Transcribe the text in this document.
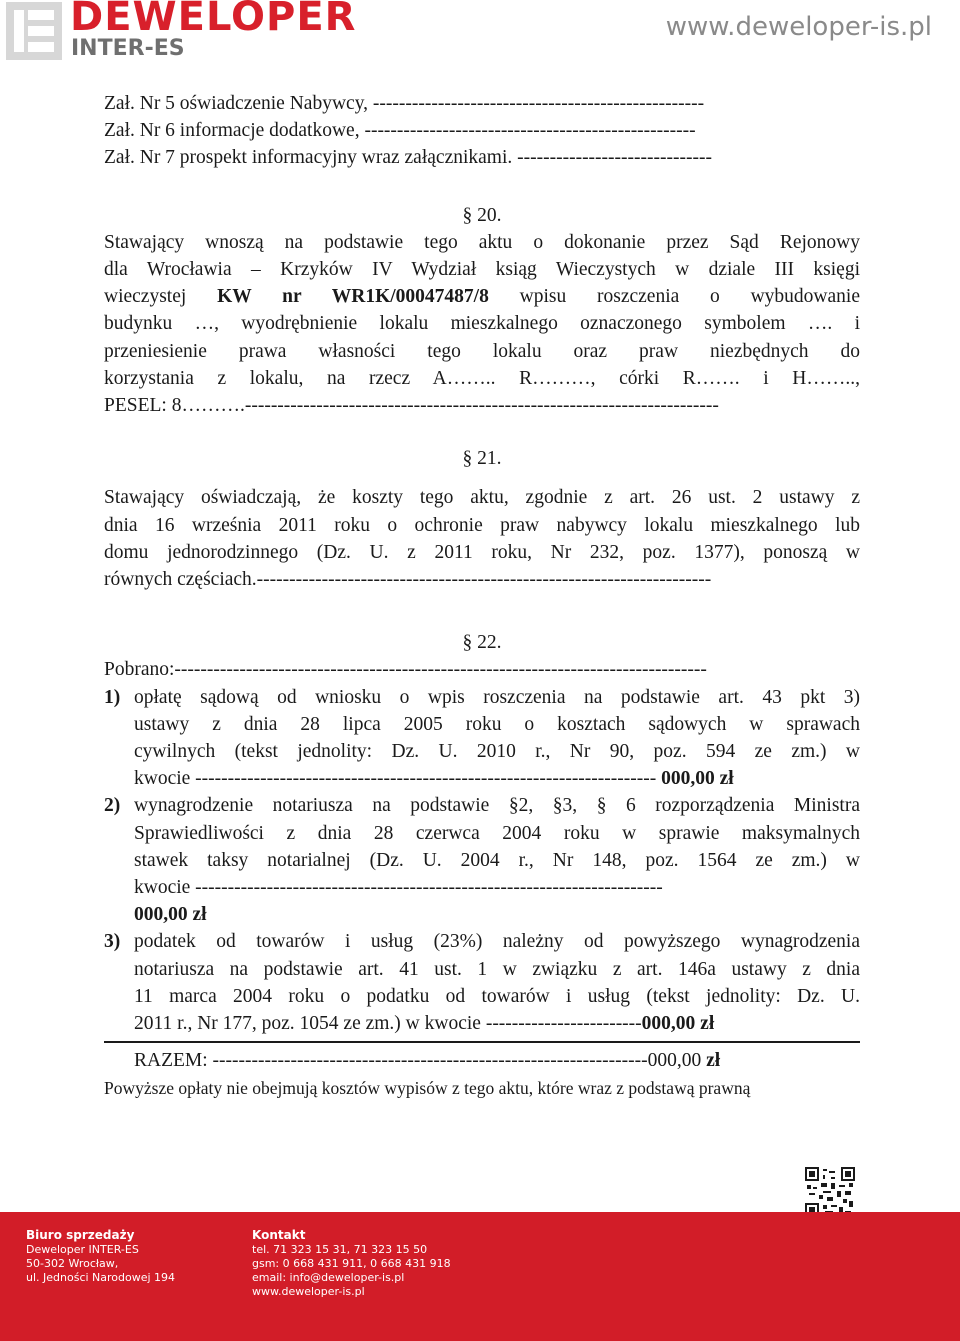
DEWELOPER
INTER-ES
www.deweloper-is.pl
Zał. Nr 5 oświadczenie Nabywcy, ---------------------------------------------------
Zał. Nr 6 informacje dodatkowe, ---------------------------------------------------
Zał. Nr 7 prospekt informacyjny wraz załącznikami. ------------------------------
§ 20.
Stawający wnoszą na podstawie tego aktu o dokonanie przez Sąd Rejonowy
dla Wrocławia – Krzyków IV Wydział ksiąg Wieczystych w dziale III księgi
wieczystej KW nr WR1K/00047487/8 wpisu roszczenia o wybudowanie
budynku …, wyodrębnienie lokalu mieszkalnego oznaczonego symbolem …. i
przeniesienie prawa własności tego lokalu oraz praw niezbędnych do
korzystania z lokalu, na rzecz A…….. R………, córki R……. i H……..,
PESEL: 8……….-------------------------------------------------------------------------
§ 21.
Stawający oświadczają, że koszty tego aktu, zgodnie z art. 26 ust. 2 ustawy z
dnia 16 września 2011 roku o ochronie praw nabywcy lokalu mieszkalnego lub
domu jednorodzinnego (Dz. U. z 2011 roku, Nr 232, poz. 1377), ponoszą w
równych częściach.----------------------------------------------------------------------
§ 22.
Pobrano:----------------------------------------------------------------------------------
1) opłatę sądową od wniosku o wpis roszczenia na podstawie art. 43 pkt 3)
ustawy z dnia 28 lipca 2005 roku o kosztach sądowych w sprawach
cywilnych (tekst jednolity: Dz. U. 2010 r., Nr 90, poz. 594 ze zm.) w
kwocie ----------------------------------------------------------------------- 000,00 zł
2) wynagrodzenie notariusza na podstawie §2, §3, § 6 rozporządzenia Ministra
Sprawiedliwości z dnia 28 czerwca 2004 roku w sprawie maksymalnych
stawek taksy notarialnej (Dz. U. 2004 r., Nr 148, poz. 1564 ze zm.) w
kwocie ------------------------------------------------------------------------
000,00 zł
3) podatek od towarów i usług (23%) należny od powyższego wynagrodzenia
notariusza na podstawie art. 41 ust. 1 w związku z art. 146a ustawy z dnia
11 marca 2004 roku o podatku od towarów i usług (tekst jednolity: Dz. U.
2011 r., Nr 177, poz. 1054 ze zm.) w kwocie ------------------------000,00 zł
RAZEM: -------------------------------------------------------------------000,00 zł
Powyższe opłaty nie obejmują kosztów wypisów z tego aktu, które wraz z podstawą prawną
Biuro sprzedaży
Deweloper INTER-ES
50-302 Wrocław,
ul. Jedności Narodowej 194
Kontakt
tel. 71 323 15 31, 71 323 15 50
gsm: 0 668 431 911, 0 668 431 918
email: info@deweloper-is.pl
www.deweloper-is.pl
